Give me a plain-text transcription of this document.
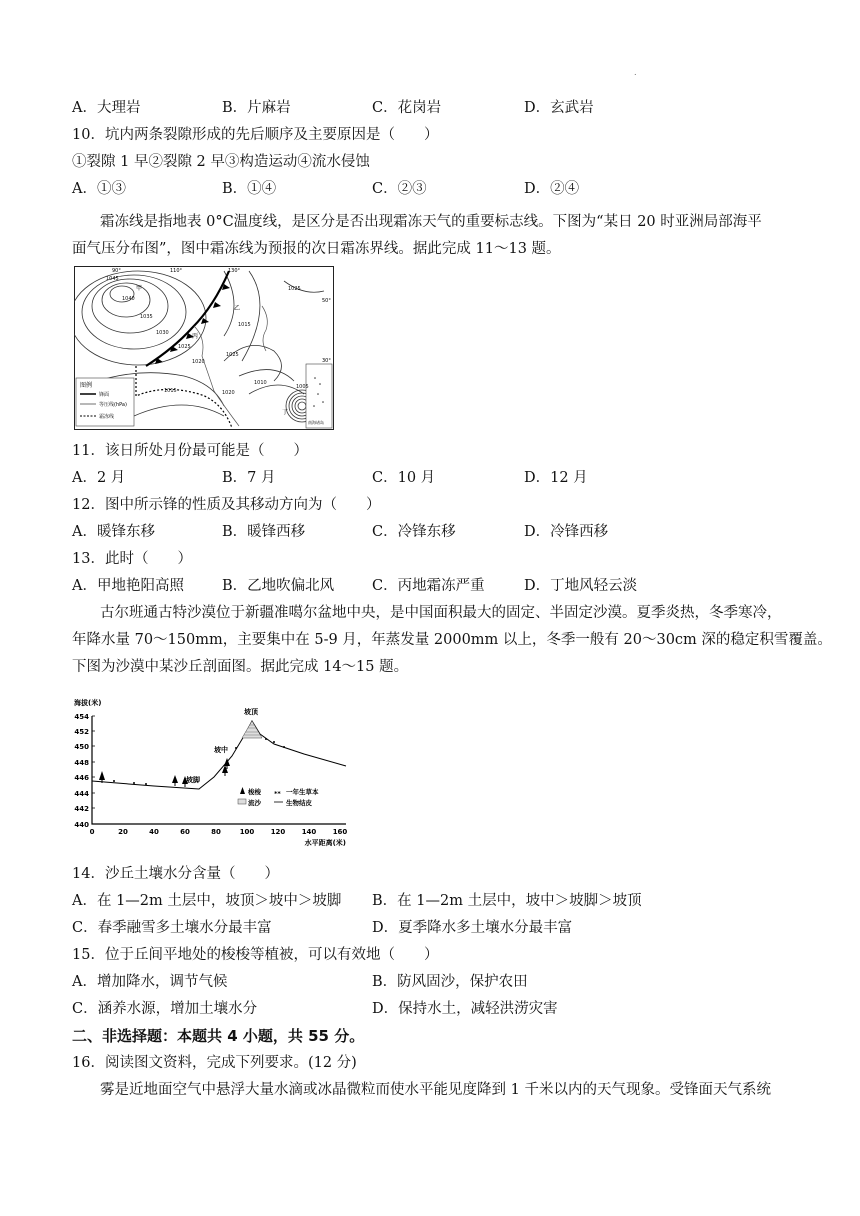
.
A．大理岩	B．片麻岩	C．花岗岩	D．玄武岩
10．坑内两条裂隙形成的先后顺序及主要原因是（　　）
①裂隙 1 早②裂隙 2 早③构造运动④流水侵蚀
A．①③	B．①④	C．②③	D．②④
霜冻线是指地表 0°C温度线，是区分是否出现霜冻天气的重要标志线。下图为“某日 20 时亚洲局部海平
面气压分布图”，图中霜冻线为预报的次日霜冻界线。据此完成 11～13 题。
图例
锋面
等压线(hPa)
霜冻线
南海诸岛
90°	110°	130°
50°
30°
1045
1040
1035
1030
1025
1020
1025
1015
1010
1005
1015
1025
1020
甲
乙
丙
丁
11．该日所处月份最可能是（　　）
A．2 月	B．7 月	C．10 月	D．12 月
12．图中所示锋的性质及其移动方向为（　　）
A．暖锋东移	B．暖锋西移	C．冷锋东移	D．冷锋西移
13．此时（　　）
A．甲地艳阳高照	B．乙地吹偏北风	C．丙地霜冻严重	D．丁地风轻云淡
古尔班通古特沙漠位于新疆准噶尔盆地中央，是中国面积最大的固定、半固定沙漠。夏季炎热，冬季寒冷，
年降水量 70～150mm，主要集中在 5-9 月，年蒸发量 2000mm 以上，冬季一般有 20～30cm 深的稳定积雪覆盖。
下图为沙漠中某沙丘剖面图。据此完成 14～15 题。
海拔(米)
454
452
450
448
446
444
442
440
0	20	40	60	80	100 120 140 160
水平距离(米)
坡脚
坡中
坡顶
梭梭 ⁎⁎ 一年生草本
流沙	生物结皮
14．沙丘土壤水分含量（　　）
A．在 1—2m 土层中，坡顶＞坡中＞坡脚 B．在 1—2m 土层中，坡中＞坡脚＞坡顶
C．春季融雪多土壤水分最丰富	D．夏季降水多土壤水分最丰富
15．位于丘间平地处的梭梭等植被，可以有效地（　　）
A．增加降水，调节气候	B．防风固沙，保护农田
C．涵养水源，增加土壤水分	D．保持水土，减轻洪涝灾害
二、非选择题：本题共 4 小题，共 55 分。
16．阅读图文资料，完成下列要求。(12 分)
雾是近地面空气中悬浮大量水滴或冰晶微粒而使水平能见度降到 1 千米以内的天气现象。受锋面天气系统
